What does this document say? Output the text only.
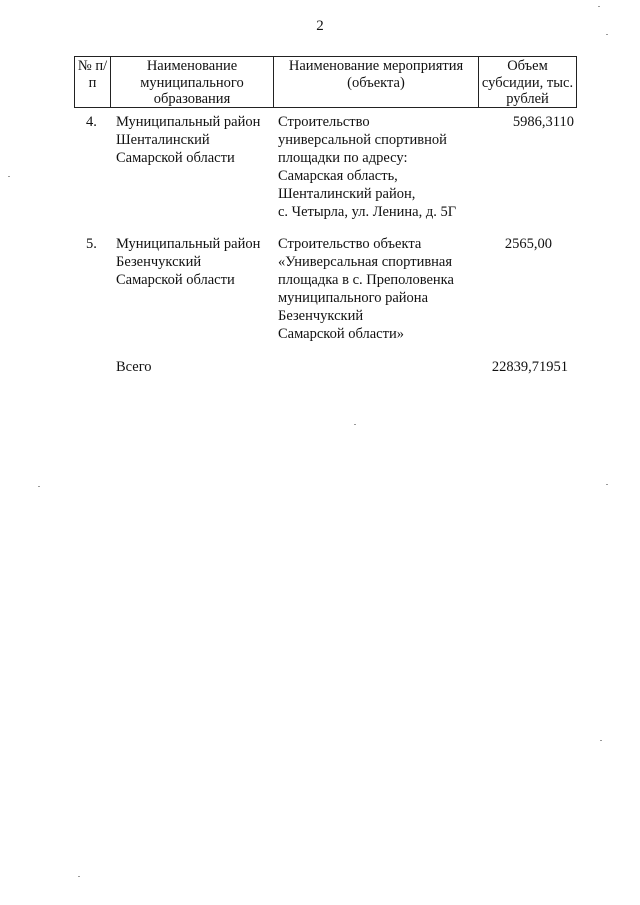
2
№ п/п
Наименование муниципального образования
Наименование мероприятия (объекта)
Объем субсидии, тыс. рублей
4. Муниципальный район
Шенталинский
Самарской области
Строительство
универсальной спортивной
площадки по адресу:
Самарская область,
Шенталинский район,
с. Четырла, ул. Ленина, д. 5Г
5986,3110
5. Муниципальный район
Безенчукский
Самарской области
Строительство объекта
«Универсальная спортивная
площадка в с. Преполовенка
муниципального района
Безенчукский
Самарской области»
2565,00
Всего	22839,71951
